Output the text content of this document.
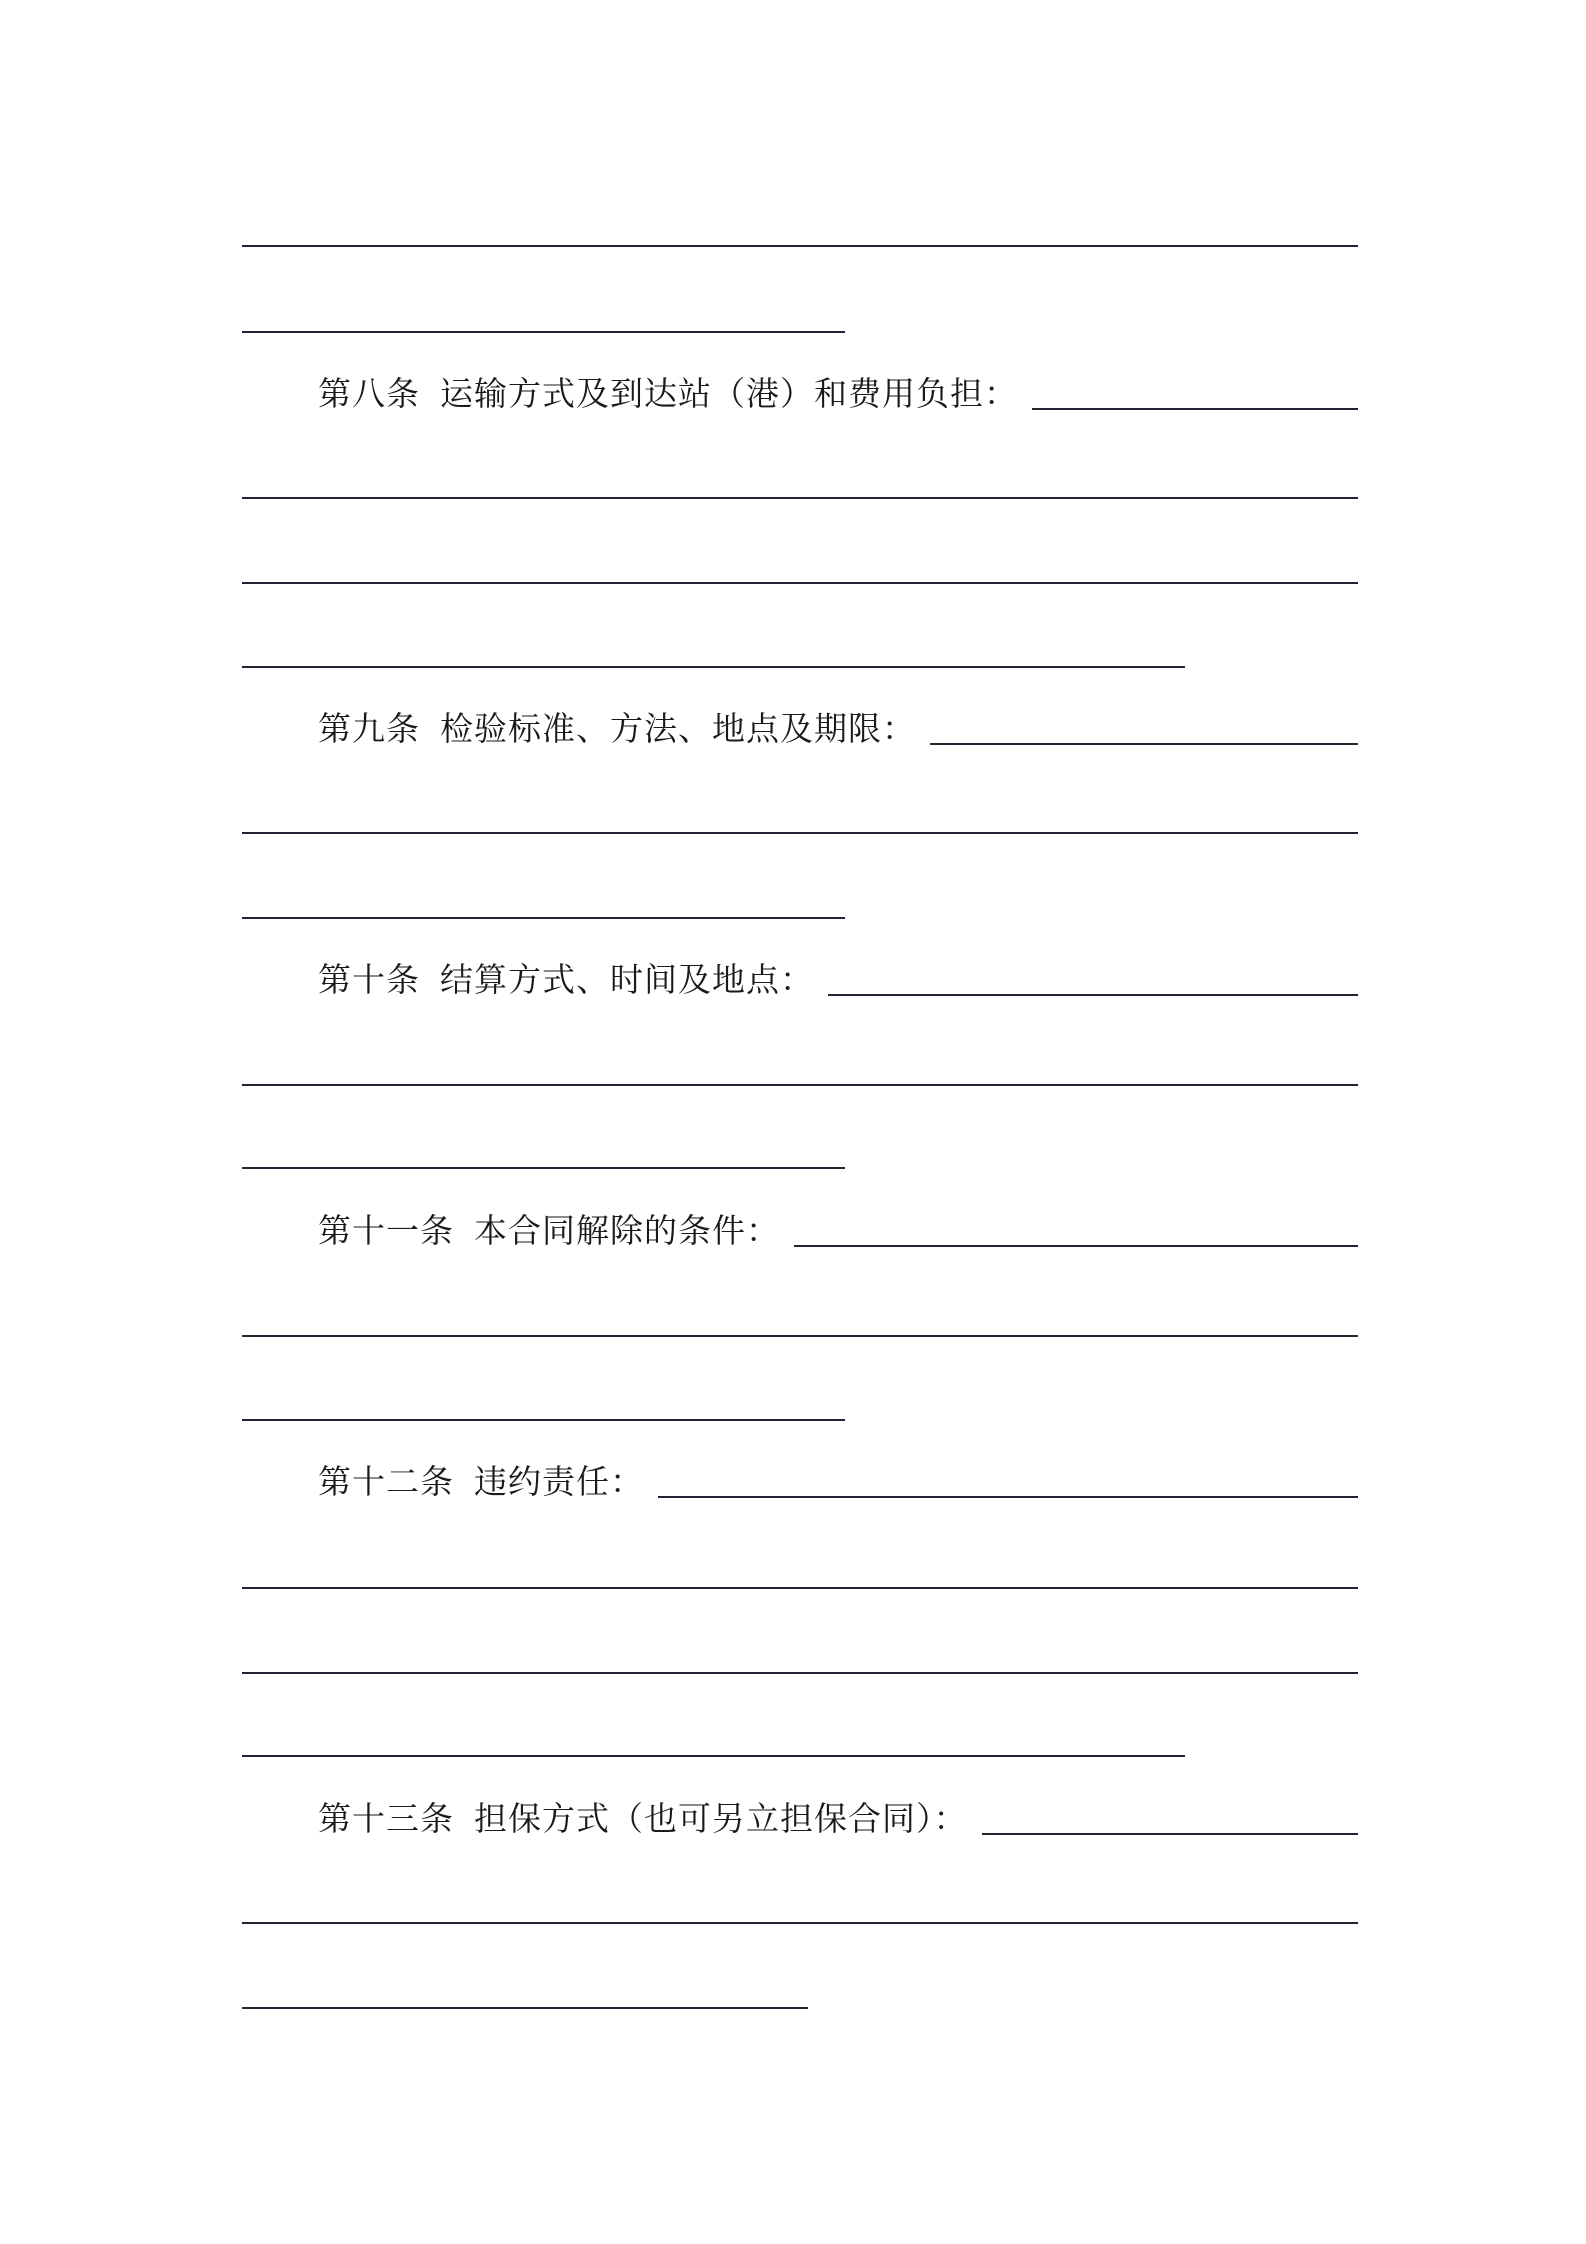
第八条 运输方式及到达站（港）和费用负担：
第九条 检验标准、方法、地点及期限：
第十条 结算方式、时间及地点：
第十一条 本合同解除的条件：
第十二条 违约责任：
第十三条 担保方式（也可另立担保合同）：
